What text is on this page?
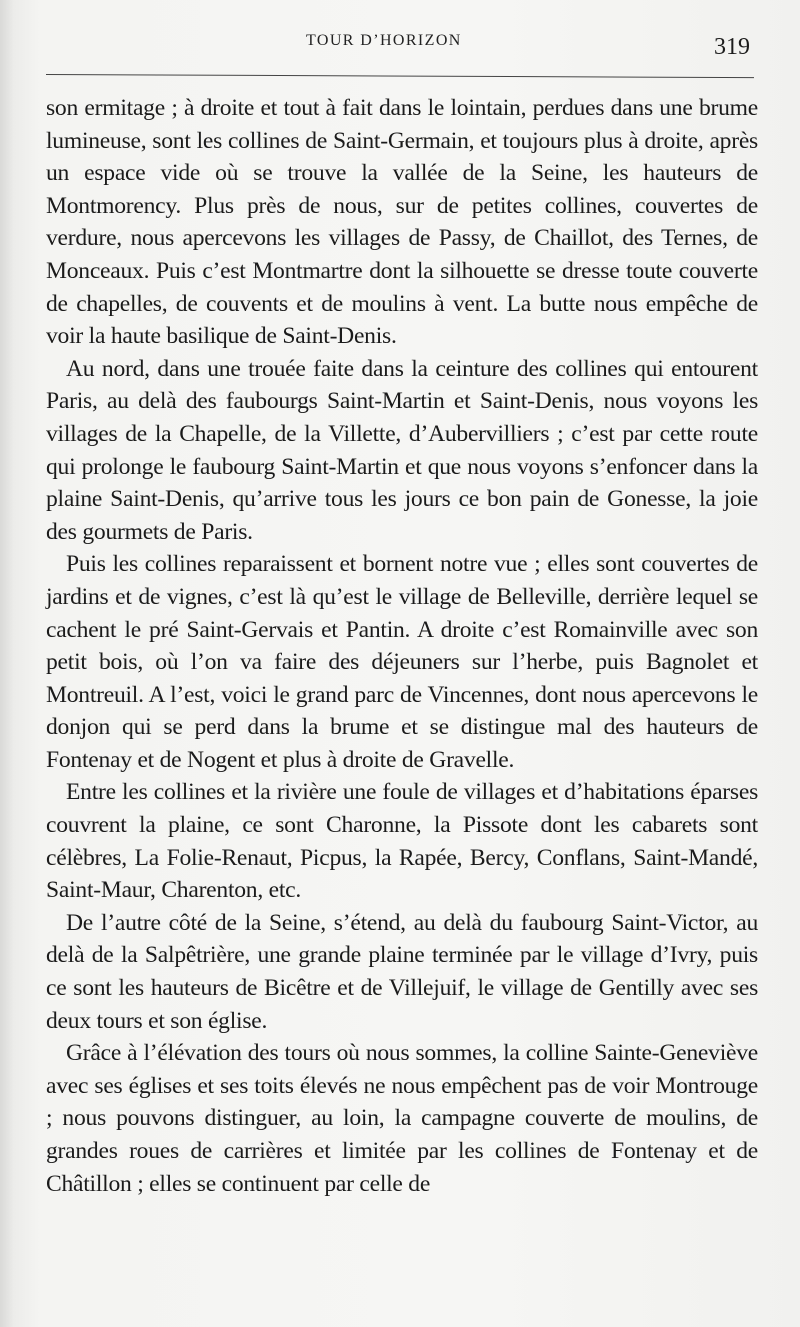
TOUR D’HORIZON	319

son ermitage ; à droite et tout à fait dans le lointain, perdues dans une brume lumineuse, sont les collines de Saint-Germain, et toujours plus à droite, après un espace vide où se trouve la vallée de la Seine, les hauteurs de Montmorency. Plus près de nous, sur de petites collines, couvertes de verdure, nous apercevons les villages de Passy, de Chaillot, des Ternes, de Monceaux. Puis c’est Montmartre dont la silhouette se dresse toute couverte de chapelles, de couvents et de moulins à vent. La butte nous empêche de voir la haute basilique de Saint-Denis.

Au nord, dans une trouée faite dans la ceinture des collines qui entourent Paris, au delà des faubourgs Saint-Martin et Saint-Denis, nous voyons les villages de la Chapelle, de la Villette, d’Aubervilliers ; c’est par cette route qui prolonge le faubourg Saint-Martin et que nous voyons s’enfoncer dans la plaine Saint-Denis, qu’arrive tous les jours ce bon pain de Gonesse, la joie des gourmets de Paris.

Puis les collines reparaissent et bornent notre vue ; elles sont couvertes de jardins et de vignes, c’est là qu’est le village de Belleville, derrière lequel se cachent le pré Saint-Gervais et Pantin. A droite c’est Romainville avec son petit bois, où l’on va faire des déjeuners sur l’herbe, puis Bagnolet et Montreuil. A l’est, voici le grand parc de Vincennes, dont nous apercevons le donjon qui se perd dans la brume et se distingue mal des hauteurs de Fontenay et de Nogent et plus à droite de Gravelle.

Entre les collines et la rivière une foule de villages et d’habitations éparses couvrent la plaine, ce sont Charonne, la Pissote dont les cabarets sont célèbres, La Folie-Renaut, Picpus, la Rapée, Bercy, Conflans, Saint-Mandé, Saint-Maur, Charenton, etc.

De l’autre côté de la Seine, s’étend, au delà du faubourg Saint-Victor, au delà de la Salpêtrière, une grande plaine terminée par le village d’Ivry, puis ce sont les hauteurs de Bicêtre et de Villejuif, le village de Gentilly avec ses deux tours et son église.

Grâce à l’élévation des tours où nous sommes, la colline Sainte-Geneviève avec ses églises et ses toits élevés ne nous empêchent pas de voir Montrouge ; nous pouvons distinguer, au loin, la campagne couverte de moulins, de grandes roues de carrières et limitée par les collines de Fontenay et de Châtillon ; elles se continuent par celle de
